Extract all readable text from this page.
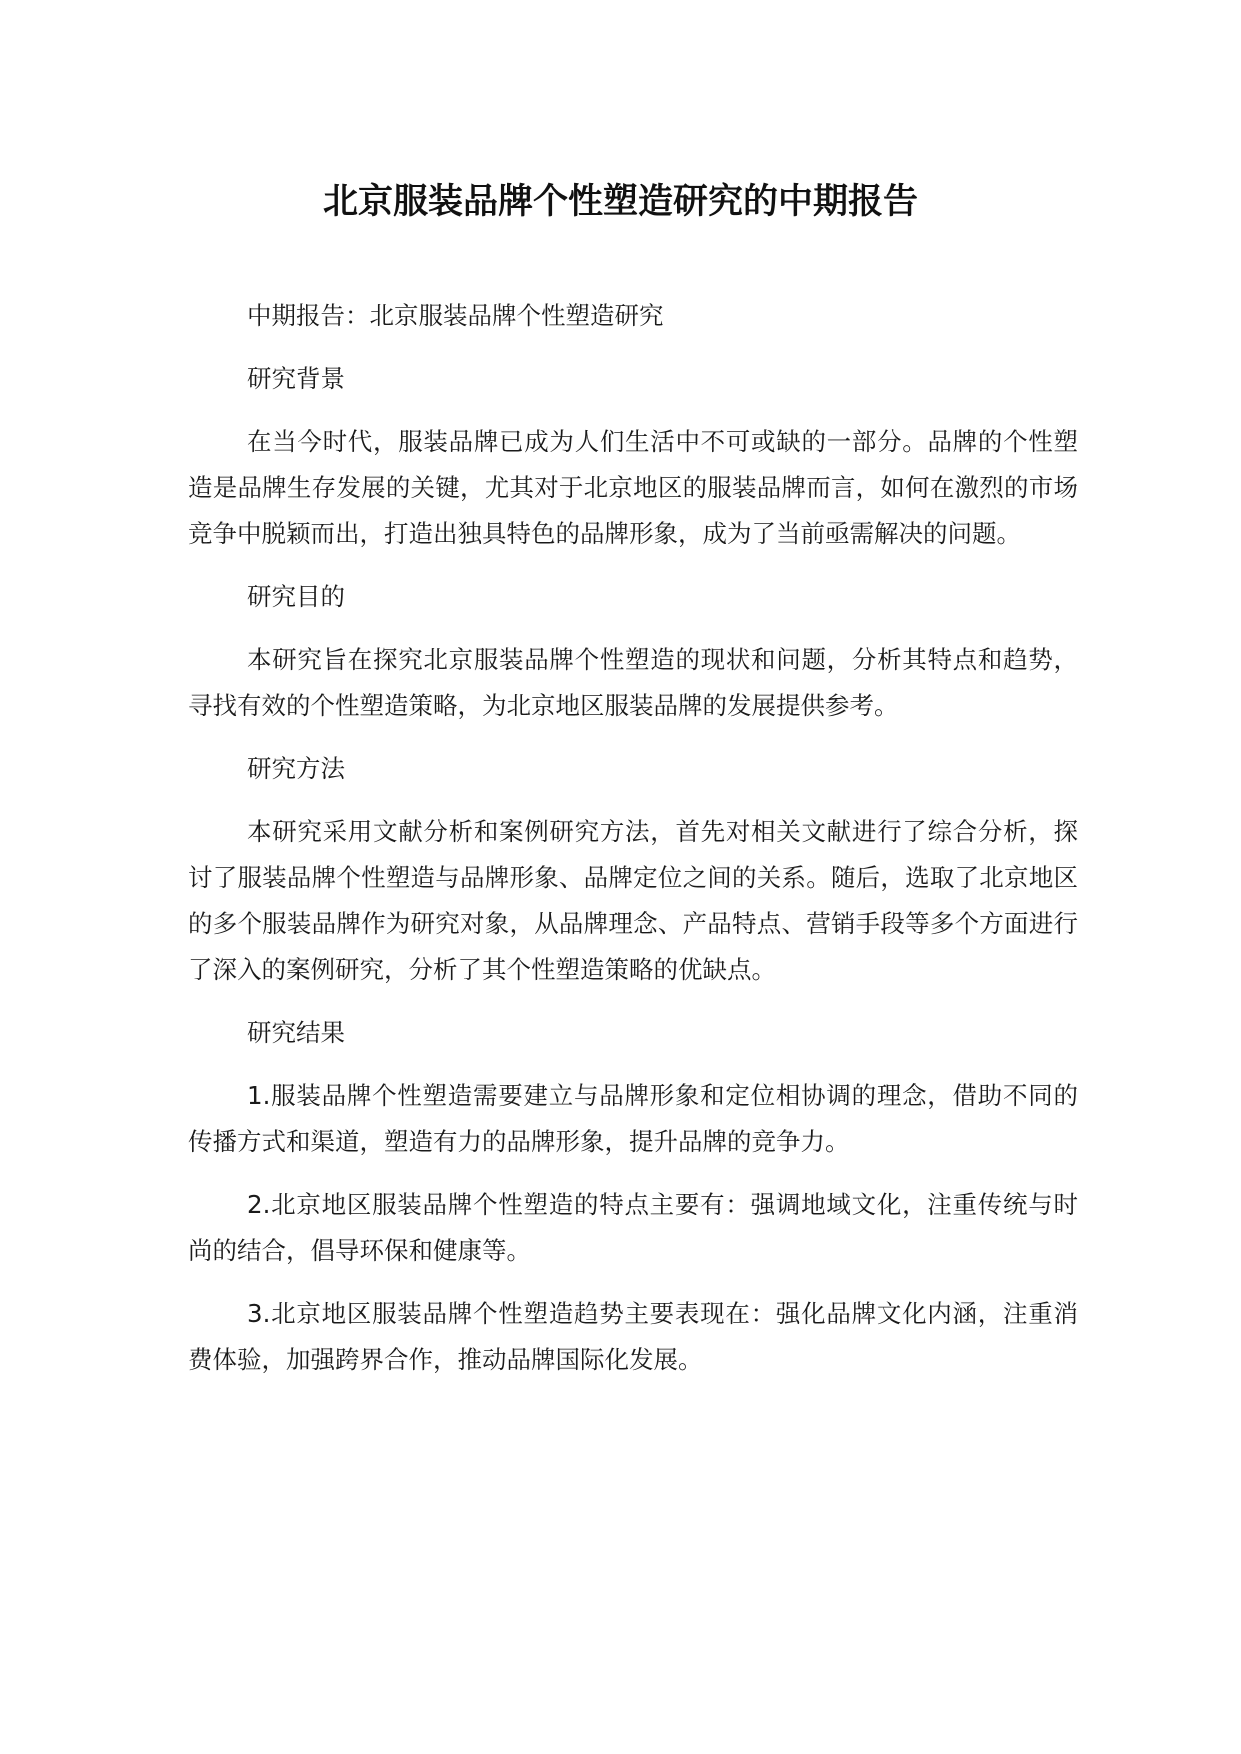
北京服装品牌个性塑造研究的中期报告

中期报告：北京服装品牌个性塑造研究

研究背景

在当今时代，服装品牌已成为人们生活中不可或缺的一部分。品牌的个性塑造是品牌生存发展的关键，尤其对于北京地区的服装品牌而言，如何在激烈的市场竞争中脱颖而出，打造出独具特色的品牌形象，成为了当前亟需解决的问题。

研究目的

本研究旨在探究北京服装品牌个性塑造的现状和问题，分析其特点和趋势，寻找有效的个性塑造策略，为北京地区服装品牌的发展提供参考。

研究方法

本研究采用文献分析和案例研究方法，首先对相关文献进行了综合分析，探讨了服装品牌个性塑造与品牌形象、品牌定位之间的关系。随后，选取了北京地区的多个服装品牌作为研究对象，从品牌理念、产品特点、营销手段等多个方面进行了深入的案例研究，分析了其个性塑造策略的优缺点。

研究结果

1.服装品牌个性塑造需要建立与品牌形象和定位相协调的理念，借助不同的传播方式和渠道，塑造有力的品牌形象，提升品牌的竞争力。

2.北京地区服装品牌个性塑造的特点主要有：强调地域文化，注重传统与时尚的结合，倡导环保和健康等。

3.北京地区服装品牌个性塑造趋势主要表现在：强化品牌文化内涵，注重消费体验，加强跨界合作，推动品牌国际化发展。
